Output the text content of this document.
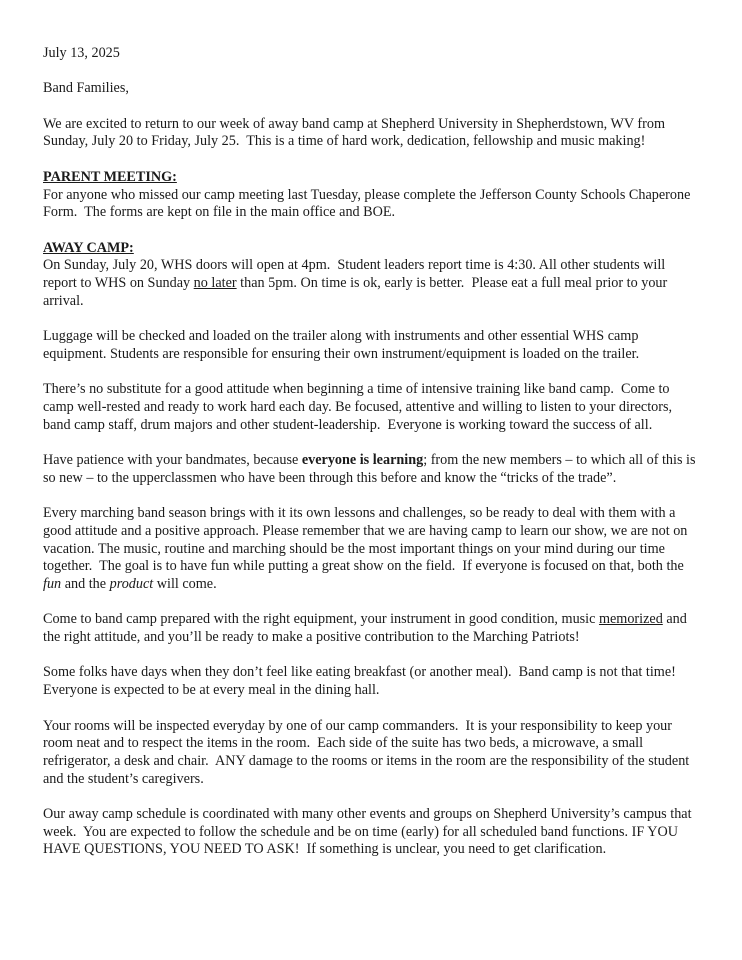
July 13, 2025
Band Families,
We are excited to return to our week of away band camp at Shepherd University in Shepherdstown, WV from Sunday, July 20 to Friday, July 25.  This is a time of hard work, dedication, fellowship and music making!
PARENT MEETING:
For anyone who missed our camp meeting last Tuesday, please complete the Jefferson County Schools Chaperone Form.  The forms are kept on file in the main office and BOE.
AWAY CAMP:
On Sunday, July 20, WHS doors will open at 4pm.  Student leaders report time is 4:30. All other students will report to WHS on Sunday no later than 5pm. On time is ok, early is better.  Please eat a full meal prior to your arrival.
Luggage will be checked and loaded on the trailer along with instruments and other essential WHS camp equipment. Students are responsible for ensuring their own instrument/equipment is loaded on the trailer.
There’s no substitute for a good attitude when beginning a time of intensive training like band camp.  Come to camp well-rested and ready to work hard each day. Be focused, attentive and willing to listen to your directors, band camp staff, drum majors and other student-leadership.  Everyone is working toward the success of all.
Have patience with your bandmates, because everyone is learning; from the new members – to which all of this is so new – to the upperclassmen who have been through this before and know the “tricks of the trade”.
Every marching band season brings with it its own lessons and challenges, so be ready to deal with them with a good attitude and a positive approach. Please remember that we are having camp to learn our show, we are not on vacation. The music, routine and marching should be the most important things on your mind during our time together.  The goal is to have fun while putting a great show on the field.  If everyone is focused on that, both the fun and the product will come.
Come to band camp prepared with the right equipment, your instrument in good condition, music memorized and the right attitude, and you’ll be ready to make a positive contribution to the Marching Patriots!
Some folks have days when they don’t feel like eating breakfast (or another meal).  Band camp is not that time! Everyone is expected to be at every meal in the dining hall.
Your rooms will be inspected everyday by one of our camp commanders.  It is your responsibility to keep your room neat and to respect the items in the room.  Each side of the suite has two beds, a microwave, a small refrigerator, a desk and chair.  ANY damage to the rooms or items in the room are the responsibility of the student and the student’s caregivers.
Our away camp schedule is coordinated with many other events and groups on Shepherd University’s campus that week.  You are expected to follow the schedule and be on time (early) for all scheduled band functions. IF YOU HAVE QUESTIONS, YOU NEED TO ASK!  If something is unclear, you need to get clarification.
